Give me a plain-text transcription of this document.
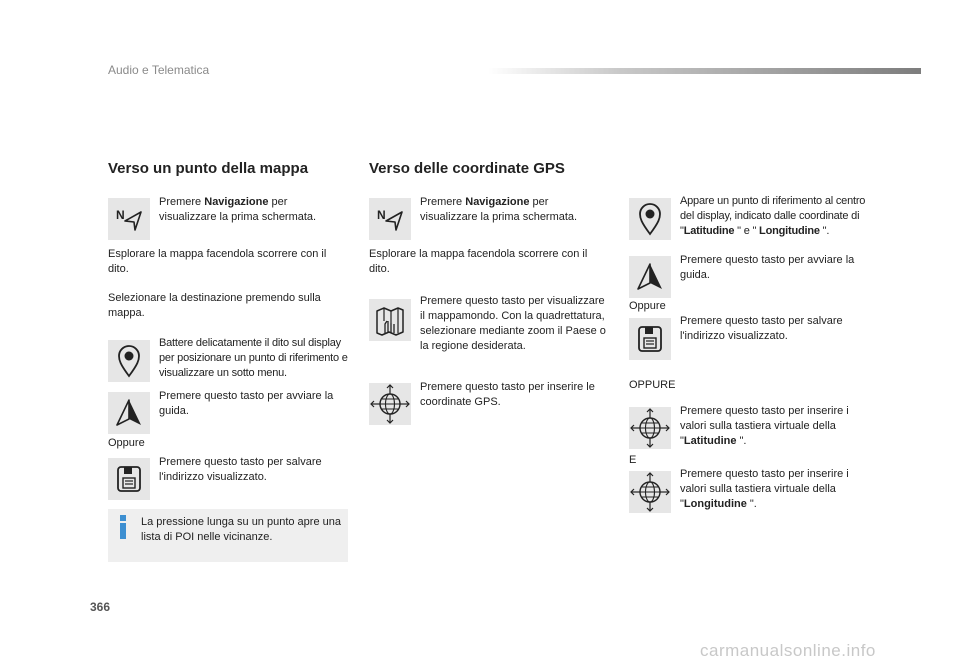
Audio e Telematica
Verso un punto della mappa
Premere Navigazione per visualizzare la prima schermata.
Esplorare la mappa facendola scorrere con il dito.
Selezionare la destinazione premendo sulla mappa.
Battere delicatamente il dito sul display per posizionare un punto di riferimento e visualizzare un sotto menu.
Premere questo tasto per avviare la guida.
Oppure
Premere questo tasto per salvare l'indirizzo visualizzato.
La pressione lunga su un punto apre una lista di POI nelle vicinanze.
Verso delle coordinate GPS
Premere Navigazione per visualizzare la prima schermata.
Esplorare la mappa facendola scorrere con il dito.
Premere questo tasto per visualizzare il mappamondo. Con la quadrettatura, selezionare mediante zoom il Paese o la regione desiderata.
Premere questo tasto per inserire le coordinate GPS.
Appare un punto di riferimento al centro del display, indicato dalle coordinate di "Latitudine " e " Longitudine ".
Premere questo tasto per avviare la guida.
Oppure
Premere questo tasto per salvare l'indirizzo visualizzato.
OPPURE
Premere questo tasto per inserire i valori sulla tastiera virtuale della "Latitudine ".
E
Premere questo tasto per inserire i valori sulla tastiera virtuale della "Longitudine ".
366
carmanualsonline.info
